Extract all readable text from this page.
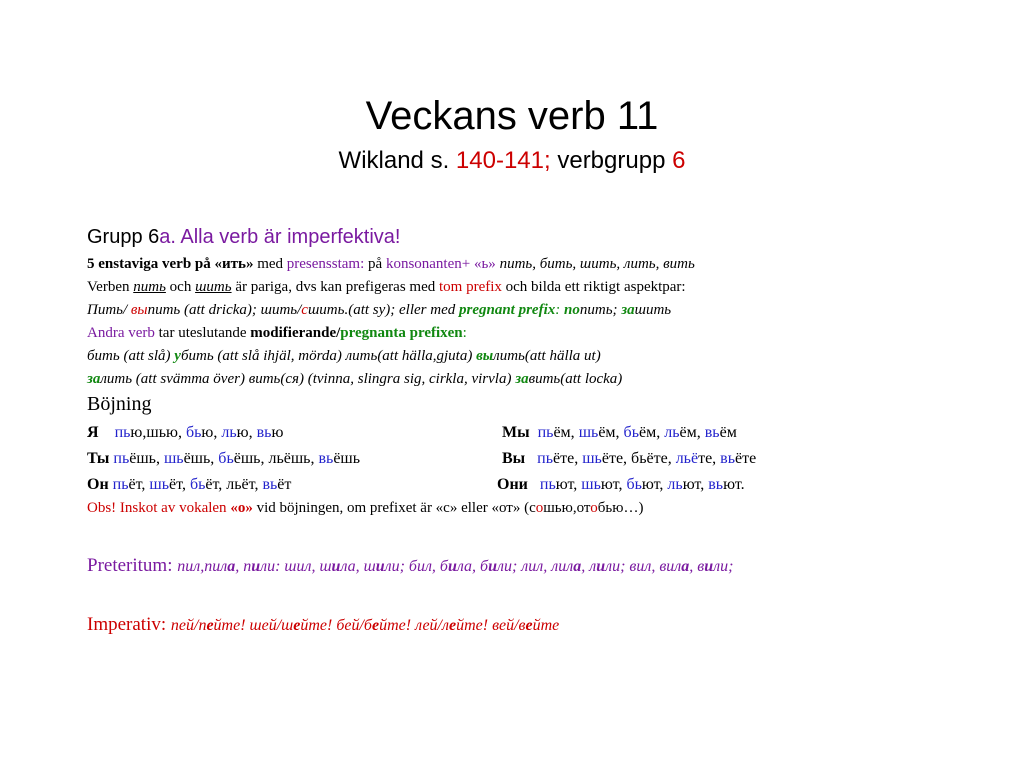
Veckans verb 11
Wikland s. 140-141; verbgrupp 6
Grupp 6a. Alla verb är imperfektiva!
5 enstaviga verb på «ить» med presensstam: på konsonanten+ «ь» пить, бить, шить, лить, вить
Verben пить och шить är pariga, dvs kan prefigeras med tom prefix och bilda ett riktigt aspektpar:
Пить/ выпить (att dricka); шить/сшить.(att sy); eller med pregnant prefix: попить; зашить
Andra verb tar uteslutande modifierande/pregnanta prefixen:
бить (att slå) убить (att slå ihjäl, mörda) лить(att hälla,gjuta) вылить(att hälla ut)
залить (att svämma över) вить(ся) (tvinna, slingra sig, cirkla, virvla) завить(att locka)
Böjning
Я пью,шью, бью, лью, вью	Мы пьём, шьём, бьём, льём, вьём
Ты пьёшь, шьёшь, бьёшь, льёшь, вьёшь	Вы пьёте, шьёте, бьёте, льёте, вьёте
Он пьёт, шьёт, бьёт, льёт, вьёт	Они пьют, шьют, бьют, льют, вьют.
Obs! Inskot av vokalen «о» vid böjningen, om prefixet är «с» eller «от» (сошью,отобью…)
Preteritum: пил,пила, пили: шил, шила, шили; бил, била, били; лил, лила, лили; вил, вила, вили;
Imperativ: пей/пейте! шей/шейте! бей/бейте! лей/лейте! вей/вейте
